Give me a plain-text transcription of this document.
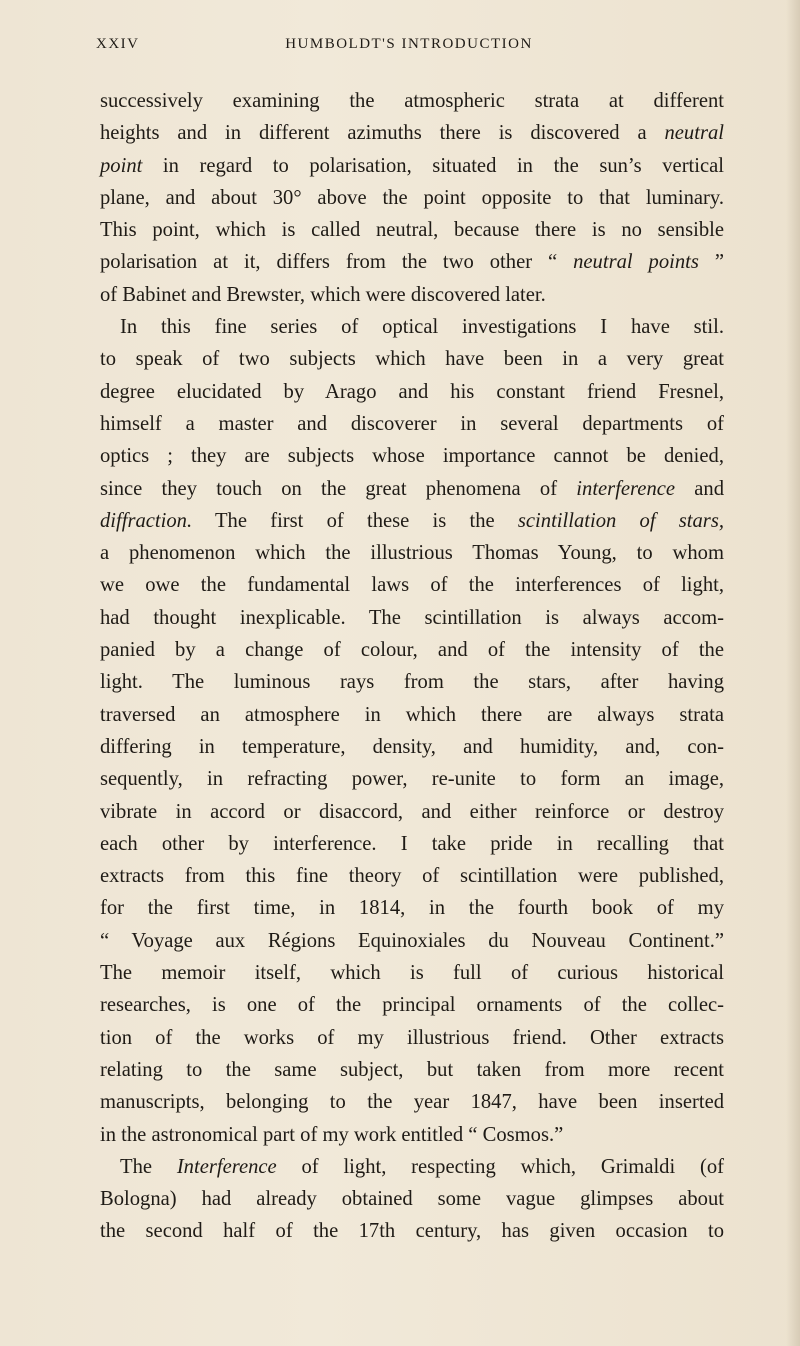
XXIV	HUMBOLDT'S INTRODUCTION
successively examining the atmospheric strata at different
heights and in different azimuths there is discovered a neutral
point in regard to polarisation, situated in the sun’s vertical
plane, and about 30° above the point opposite to that luminary.
This point, which is called neutral, because there is no sensible
polarisation at it, differs from the two other “ neutral points ”
of Babinet and Brewster, which were discovered later.
In this fine series of optical investigations I have stil.
to speak of two subjects which have been in a very great
degree elucidated by Arago and his constant friend Fresnel,
himself a master and discoverer in several departments of
optics ; they are subjects whose importance cannot be denied,
since they touch on the great phenomena of interference and
diffraction. The first of these is the scintillation of stars,
a phenomenon which the illustrious Thomas Young, to whom
we owe the fundamental laws of the interferences of light,
had thought inexplicable. The scintillation is always accom-
panied by a change of colour, and of the intensity of the
light. The luminous rays from the stars, after having
traversed an atmosphere in which there are always strata
differing in temperature, density, and humidity, and, con-
sequently, in refracting power, re-unite to form an image,
vibrate in accord or disaccord, and either reinforce or destroy
each other by interference. I take pride in recalling that
extracts from this fine theory of scintillation were published,
for the first time, in 1814, in the fourth book of my
“ Voyage aux Régions Equinoxiales du Nouveau Continent.”
The memoir itself, which is full of curious historical
researches, is one of the principal ornaments of the collec-
tion of the works of my illustrious friend. Other extracts
relating to the same subject, but taken from more recent
manuscripts, belonging to the year 1847, have been inserted
in the astronomical part of my work entitled “ Cosmos.”
The Interference of light, respecting which, Grimaldi (of
Bologna) had already obtained some vague glimpses about
the second half of the 17th century, has given occasion to
